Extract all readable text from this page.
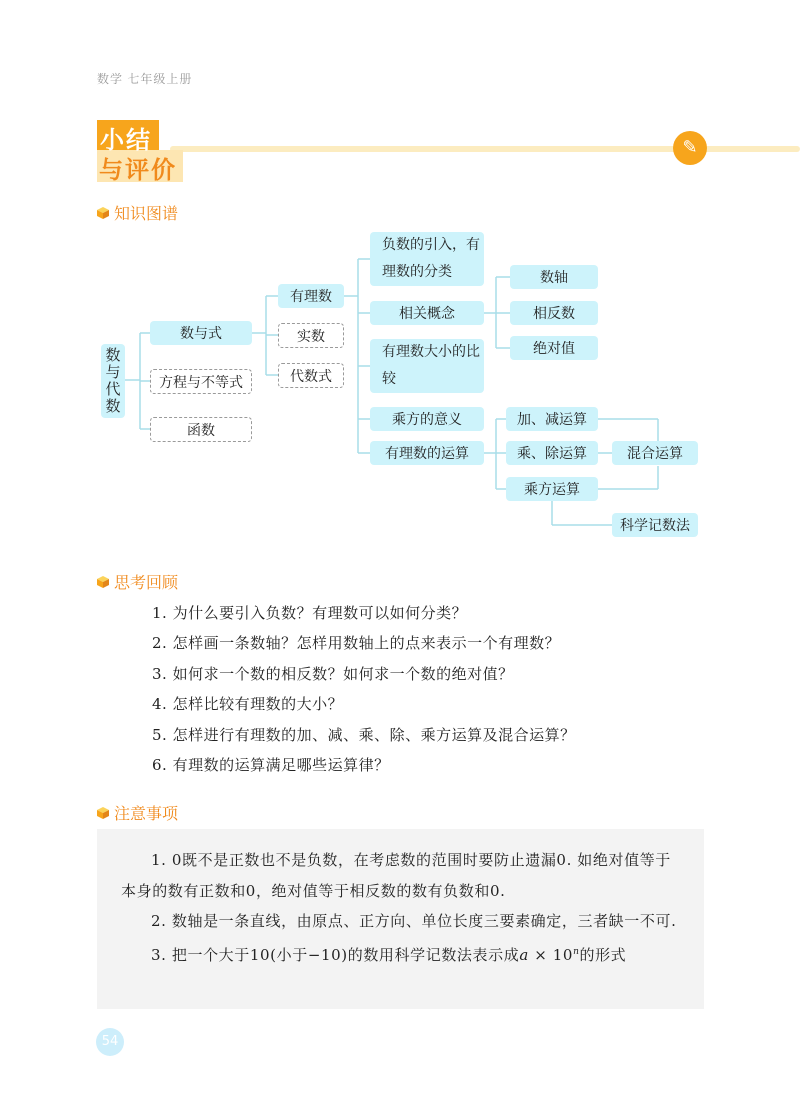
数学 七年级上册
小结
与评价
✎
知识图谱
数与代数
数与式
方程与不等式
函数
有理数
实数
代数式
负数的引入，有理数的分类
相关概念
有理数大小的比较
乘方的意义
有理数的运算
数轴
相反数
绝对值
加、减运算
乘、除运算
乘方运算
混合运算
科学记数法
思考回顾
1. 为什么要引入负数？有理数可以如何分类？
2. 怎样画一条数轴？怎样用数轴上的点来表示一个有理数？
3. 如何求一个数的相反数？如何求一个数的绝对值？
4. 怎样比较有理数的大小？
5. 怎样进行有理数的加、减、乘、除、乘方运算及混合运算？
6. 有理数的运算满足哪些运算律？
注意事项

1. 0既不是正数也不是负数，在考虑数的范围时要防止遗漏0. 如绝对值等于本身的数有正数和0，绝对值等于相反数的数有负数和0.

2. 数轴是一条直线，由原点、正方向、单位长度三要素确定，三者缺一不可.

3. 把一个大于10(小于−10)的数用科学记数法表示成$a \times 10^n$的形式

54
